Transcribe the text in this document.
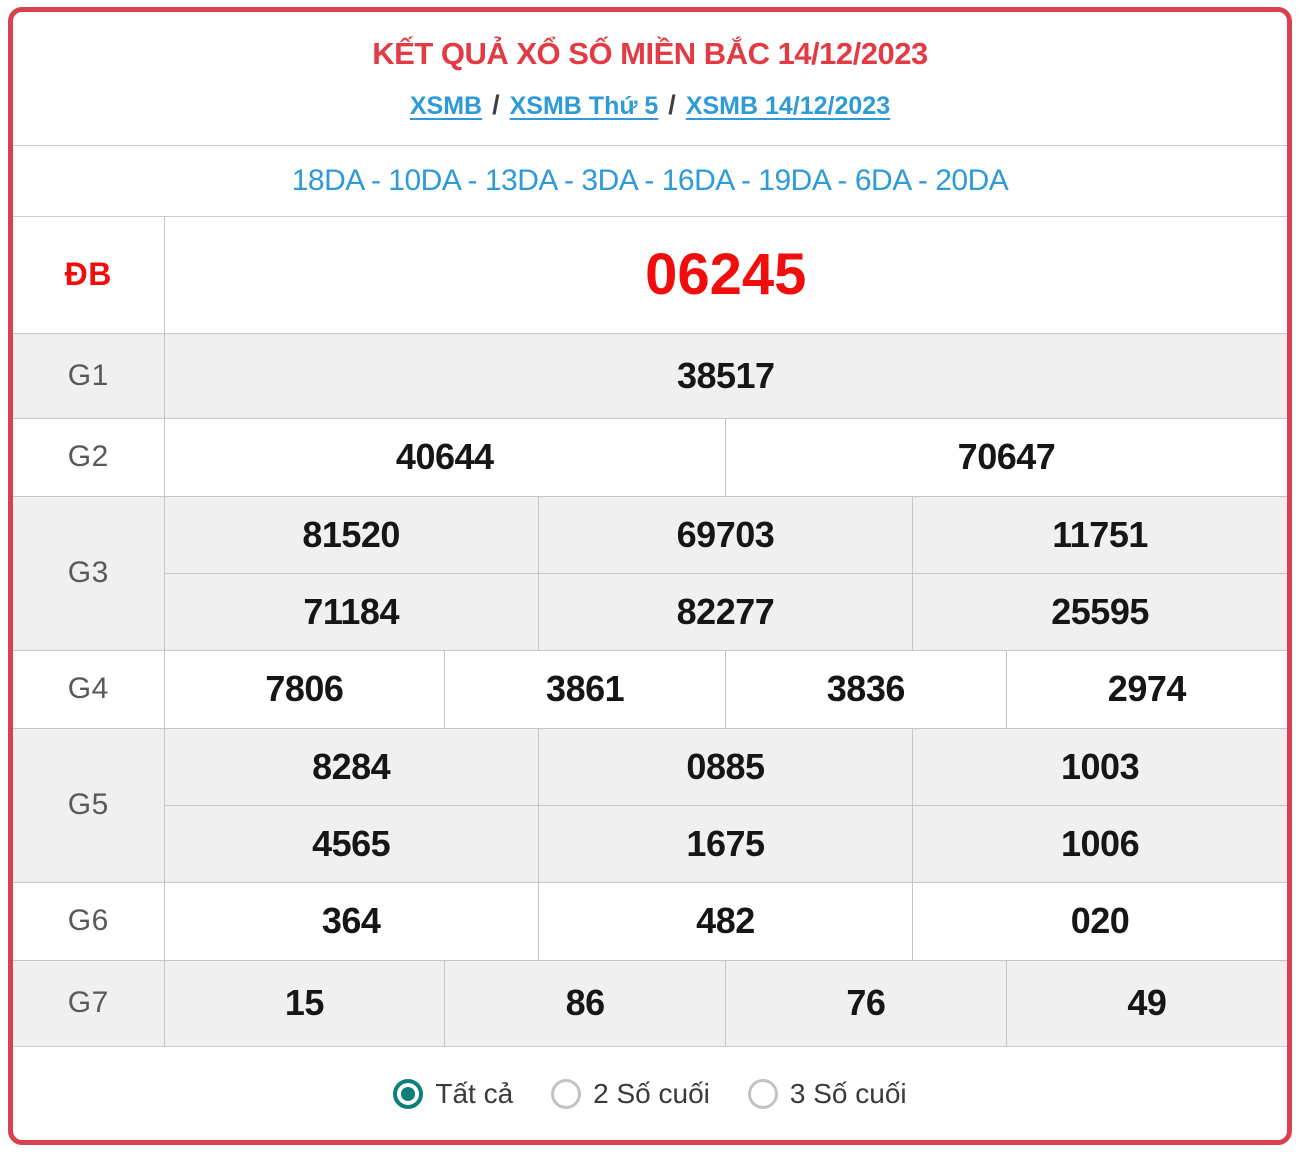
KẾT QUẢ XỔ SỐ MIỀN BẮC 14/12/2023
XSMB / XSMB Thứ 5 / XSMB 14/12/2023
18DA - 10DA - 13DA - 3DA - 16DA - 19DA - 6DA - 20DA
ĐB	06245					
G1	38517					
G2	40644			70647		
G3	81520		69703		11751	
	71184		82277		25595	
G4	7806	3861		3836		2974
G5	8284		0885		1003	
	4565		1675		1006	
G6	364		482		020	
G7	15	86		76		49
Tất cả	2 Số cuối	3 Số cuối
